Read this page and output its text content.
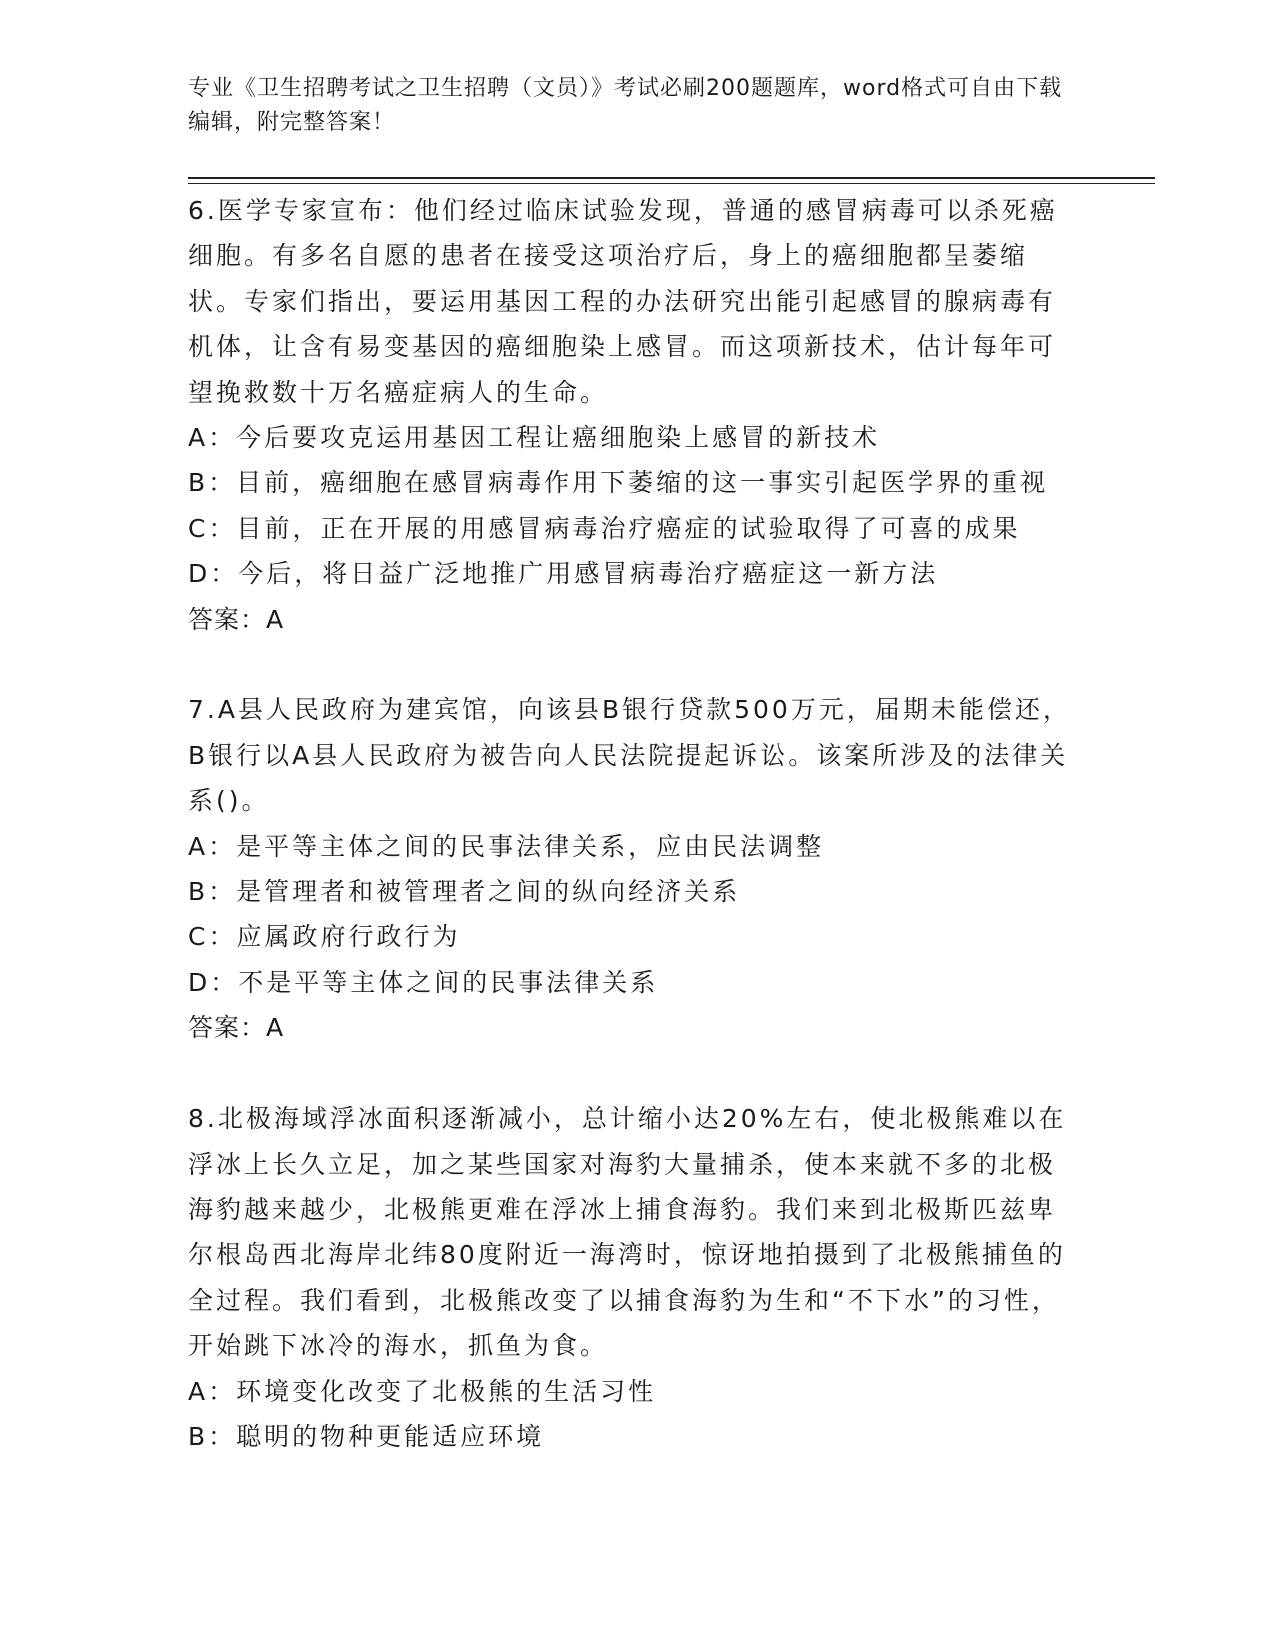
专业《卫生招聘考试之卫生招聘（文员）》考试必刷200题题库，word格式可自由下载编辑，附完整答案！

6.医学专家宣布：他们经过临床试验发现，普通的感冒病毒可以杀死癌细胞。有多名自愿的患者在接受这项治疗后，身上的癌细胞都呈萎缩状。专家们指出，要运用基因工程的办法研究出能引起感冒的腺病毒有机体，让含有易变基因的癌细胞染上感冒。而这项新技术，估计每年可望挽救数十万名癌症病人的生命。

A：今后要攻克运用基因工程让癌细胞染上感冒的新技术

B：目前，癌细胞在感冒病毒作用下萎缩的这一事实引起医学界的重视

C：目前，正在开展的用感冒病毒治疗癌症的试验取得了可喜的成果

D：今后，将日益广泛地推广用感冒病毒治疗癌症这一新方法

答案：A

7.A县人民政府为建宾馆，向该县B银行贷款500万元，届期未能偿还，B银行以A县人民政府为被告向人民法院提起诉讼。该案所涉及的法律关系()。

A：是平等主体之间的民事法律关系，应由民法调整

B：是管理者和被管理者之间的纵向经济关系

C：应属政府行政行为

D：不是平等主体之间的民事法律关系

答案：A

8.北极海域浮冰面积逐渐减小，总计缩小达20%左右，使北极熊难以在浮冰上长久立足，加之某些国家对海豹大量捕杀，使本来就不多的北极海豹越来越少，北极熊更难在浮冰上捕食海豹。我们来到北极斯匹兹卑尔根岛西北海岸北纬80度附近一海湾时，惊讶地拍摄到了北极熊捕鱼的全过程。我们看到，北极熊改变了以捕食海豹为生和“不下水”的习性，开始跳下冰冷的海水，抓鱼为食。

A：环境变化改变了北极熊的生活习性

B：聪明的物种更能适应环境
